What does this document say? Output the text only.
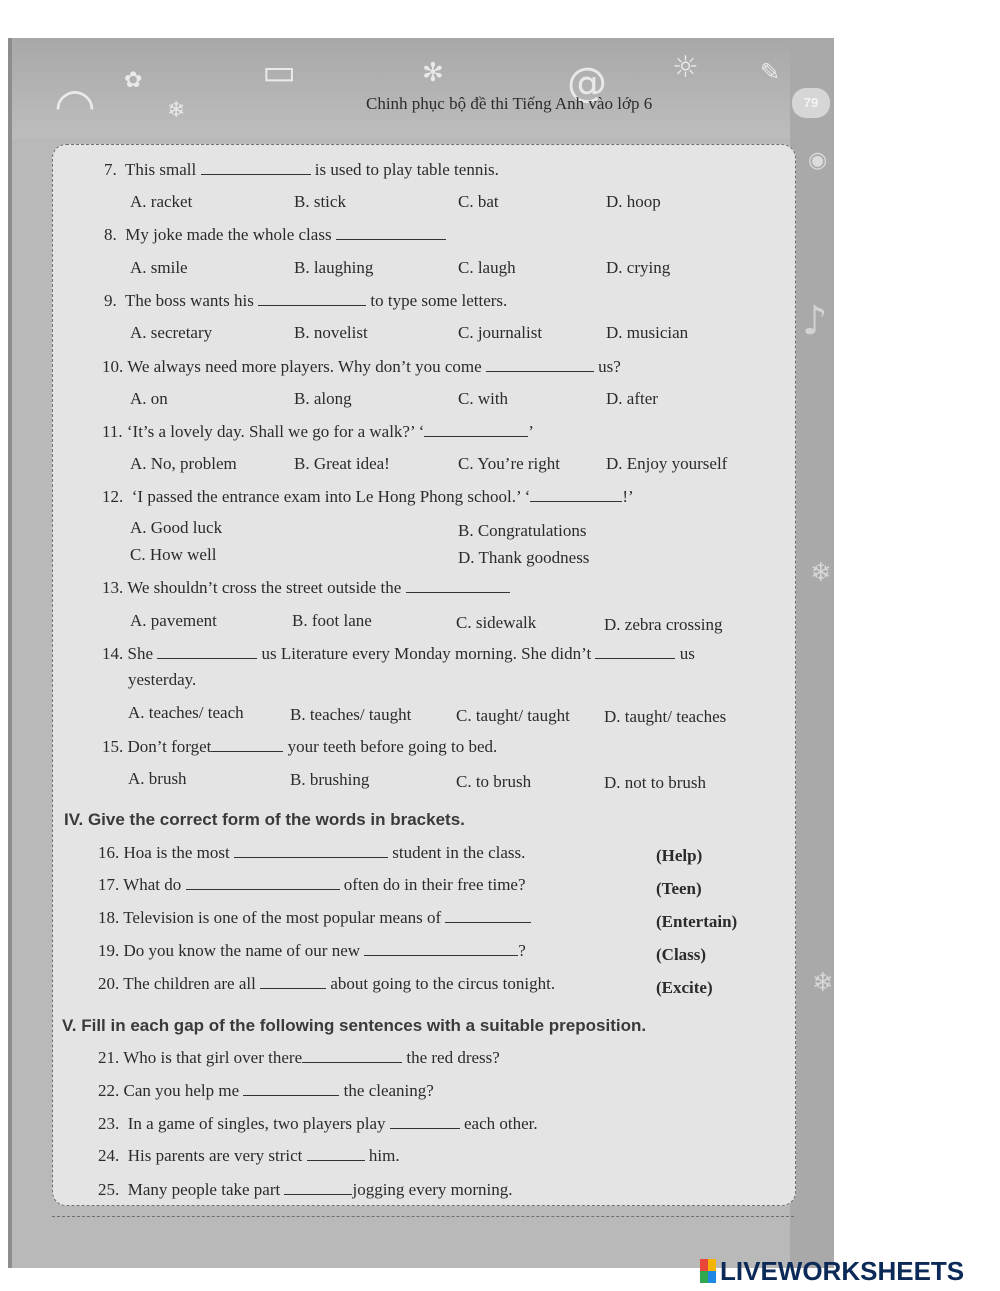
◠ ✿
❄
▭	✻	@ ☼	✎
◉
❄
♪
❄
Chinh phục bộ đề thi Tiếng Anh vào lớp 6	79
7. This small	is used to play table tennis.
A. racket	B. stick	C. bat	D. hoop
8. My joke made the whole class
A. smile	B. laughing	C. laugh	D. crying
9. The boss wants his	to type some letters.
A. secretary	B. novelist	C. journalist	D. musician
10. We always need more players. Why don’t you come	us?
A. on	B. along	C. with	D. after
11. ‘It’s a lovely day. Shall we go for a walk?’ ‘	’
A. No, problem	B. Great idea!	C. You’re right	D. Enjoy yourself
12. ‘I passed the entrance exam into Le Hong Phong school.’ ‘	!’
A. Good luck	B. Congratulations
C. How well	D. Thank goodness
13. We shouldn’t cross the street outside the
A. pavement	B. foot lane	C. sidewalk	D. zebra crossing
14. She	us Literature every Monday morning. She didn’t	us
yesterday.
A. teaches/ teach	B. teaches/ taught	C. taught/ taught D. taught/ teaches
15. Don’t forget	your teeth before going to bed.
A. brush	B. brushing	C. to brush	D. not to brush
IV. Give the correct form of the words in brackets.
16. Hoa is the most	student in the class.	(Help)
17. What do	often do in their free time?	(Teen)
18. Television is one of the most popular means of	(Entertain)
19. Do you know the name of our new	?	(Class)
20. The children are all	about going to the circus tonight.	(Excite)
V. Fill in each gap of the following sentences with a suitable preposition.
21. Who is that girl over there	the red dress?
22. Can you help me	the cleaning?
23. In a game of singles, two players play	each other.
24. His parents are very strict	him.
25. Many people take part	jogging every morning.
LIVEWORKSHEETS
